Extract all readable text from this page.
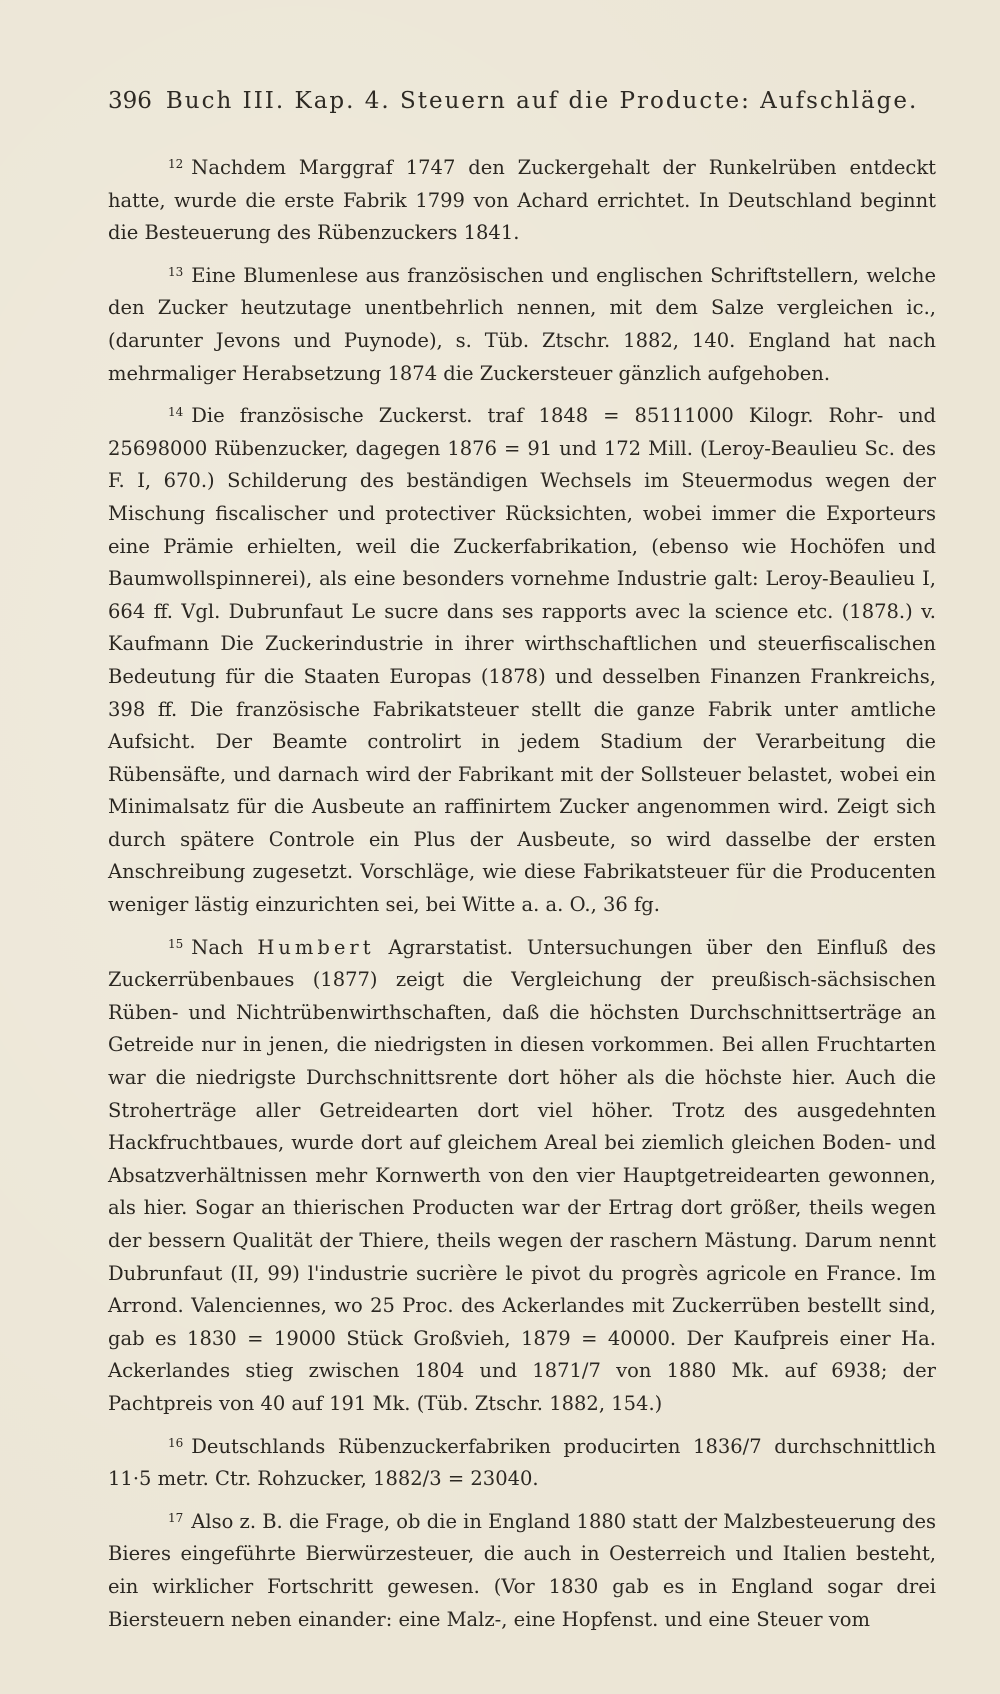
396 Buch III. Kap. 4. Steuern auf die Producte: Aufschläge.

$^{12}$ Nachdem Marggraf 1747 den Zuckergehalt der Runkelrüben entdeckt hatte, wurde die erste Fabrik 1799 von Achard errichtet. In Deutschland beginnt die Besteuerung des Rübenzuckers 1841.

$^{13}$ Eine Blumenlese aus französischen und englischen Schriftstellern, welche den Zucker heutzutage unentbehrlich nennen, mit dem Salze vergleichen ic., (darunter Jevons und Puynode), s. Tüb. Ztschr. 1882, 140. England hat nach mehrmaliger Herabsetzung 1874 die Zuckersteuer gänzlich aufgehoben.

$^{14}$ Die französische Zuckerst. traf 1848 = 85111000 Kilogr. Rohr- und 25698000 Rübenzucker, dagegen 1876 = 91 und 172 Mill. (Leroy-Beaulieu Sc. des F. I, 670.) Schilderung des beständigen Wechsels im Steuermodus wegen der Mischung fiscalischer und protectiver Rücksichten, wobei immer die Exporteurs eine Prämie erhielten, weil die Zuckerfabrikation, (ebenso wie Hochöfen und Baumwollspinnerei), als eine besonders vornehme Industrie galt: Leroy-Beaulieu I, 664 ff. Vgl. Dubrunfaut Le sucre dans ses rapports avec la science etc. (1878.) v. Kaufmann Die Zuckerindustrie in ihrer wirthschaftlichen und steuerfiscalischen Bedeutung für die Staaten Europas (1878) und desselben Finanzen Frankreichs, 398 ff. Die französische Fabrikatsteuer stellt die ganze Fabrik unter amtliche Aufsicht. Der Beamte controlirt in jedem Stadium der Verarbeitung die Rübensäfte, und darnach wird der Fabrikant mit der Sollsteuer belastet, wobei ein Minimalsatz für die Ausbeute an raffinirtem Zucker angenommen wird. Zeigt sich durch spätere Controle ein Plus der Ausbeute, so wird dasselbe der ersten Anschreibung zugesetzt. Vorschläge, wie diese Fabrikatsteuer für die Producenten weniger lästig einzurichten sei, bei Witte a. a. O., 36 fg.

$^{15}$ Nach Humbert Agrarstatist. Untersuchungen über den Einfluß des Zuckerrübenbaues (1877) zeigt die Vergleichung der preußisch-sächsischen Rüben- und Nichtrübenwirthschaften, daß die höchsten Durchschnittserträge an Getreide nur in jenen, die niedrigsten in diesen vorkommen. Bei allen Fruchtarten war die niedrigste Durchschnittsrente dort höher als die höchste hier. Auch die Stroherträge aller Getreidearten dort viel höher. Trotz des ausgedehnten Hackfruchtbaues, wurde dort auf gleichem Areal bei ziemlich gleichen Boden- und Absatzverhältnissen mehr Kornwerth von den vier Hauptgetreidearten gewonnen, als hier. Sogar an thierischen Producten war der Ertrag dort größer, theils wegen der bessern Qualität der Thiere, theils wegen der raschern Mästung. Darum nennt Dubrunfaut (II, 99) l'industrie sucrière le pivot du progrès agricole en France. Im Arrond. Valenciennes, wo 25 Proc. des Ackerlandes mit Zuckerrüben bestellt sind, gab es 1830 = 19000 Stück Großvieh, 1879 = 40000. Der Kaufpreis einer Ha. Ackerlandes stieg zwischen 1804 und 1871/7 von 1880 Mk. auf 6938; der Pachtpreis von 40 auf 191 Mk. (Tüb. Ztschr. 1882, 154.)

$^{16}$ Deutschlands Rübenzuckerfabriken producirten 1836/7 durchschnittlich 11·5 metr. Ctr. Rohzucker, 1882/3 = 23040.

$^{17}$ Also z. B. die Frage, ob die in England 1880 statt der Malzbesteuerung des Bieres eingeführte Bierwürzesteuer, die auch in Oesterreich und Italien besteht, ein wirklicher Fortschritt gewesen. (Vor 1830 gab es in England sogar drei Biersteuern neben einander: eine Malz-, eine Hopfenst. und eine Steuer vom
